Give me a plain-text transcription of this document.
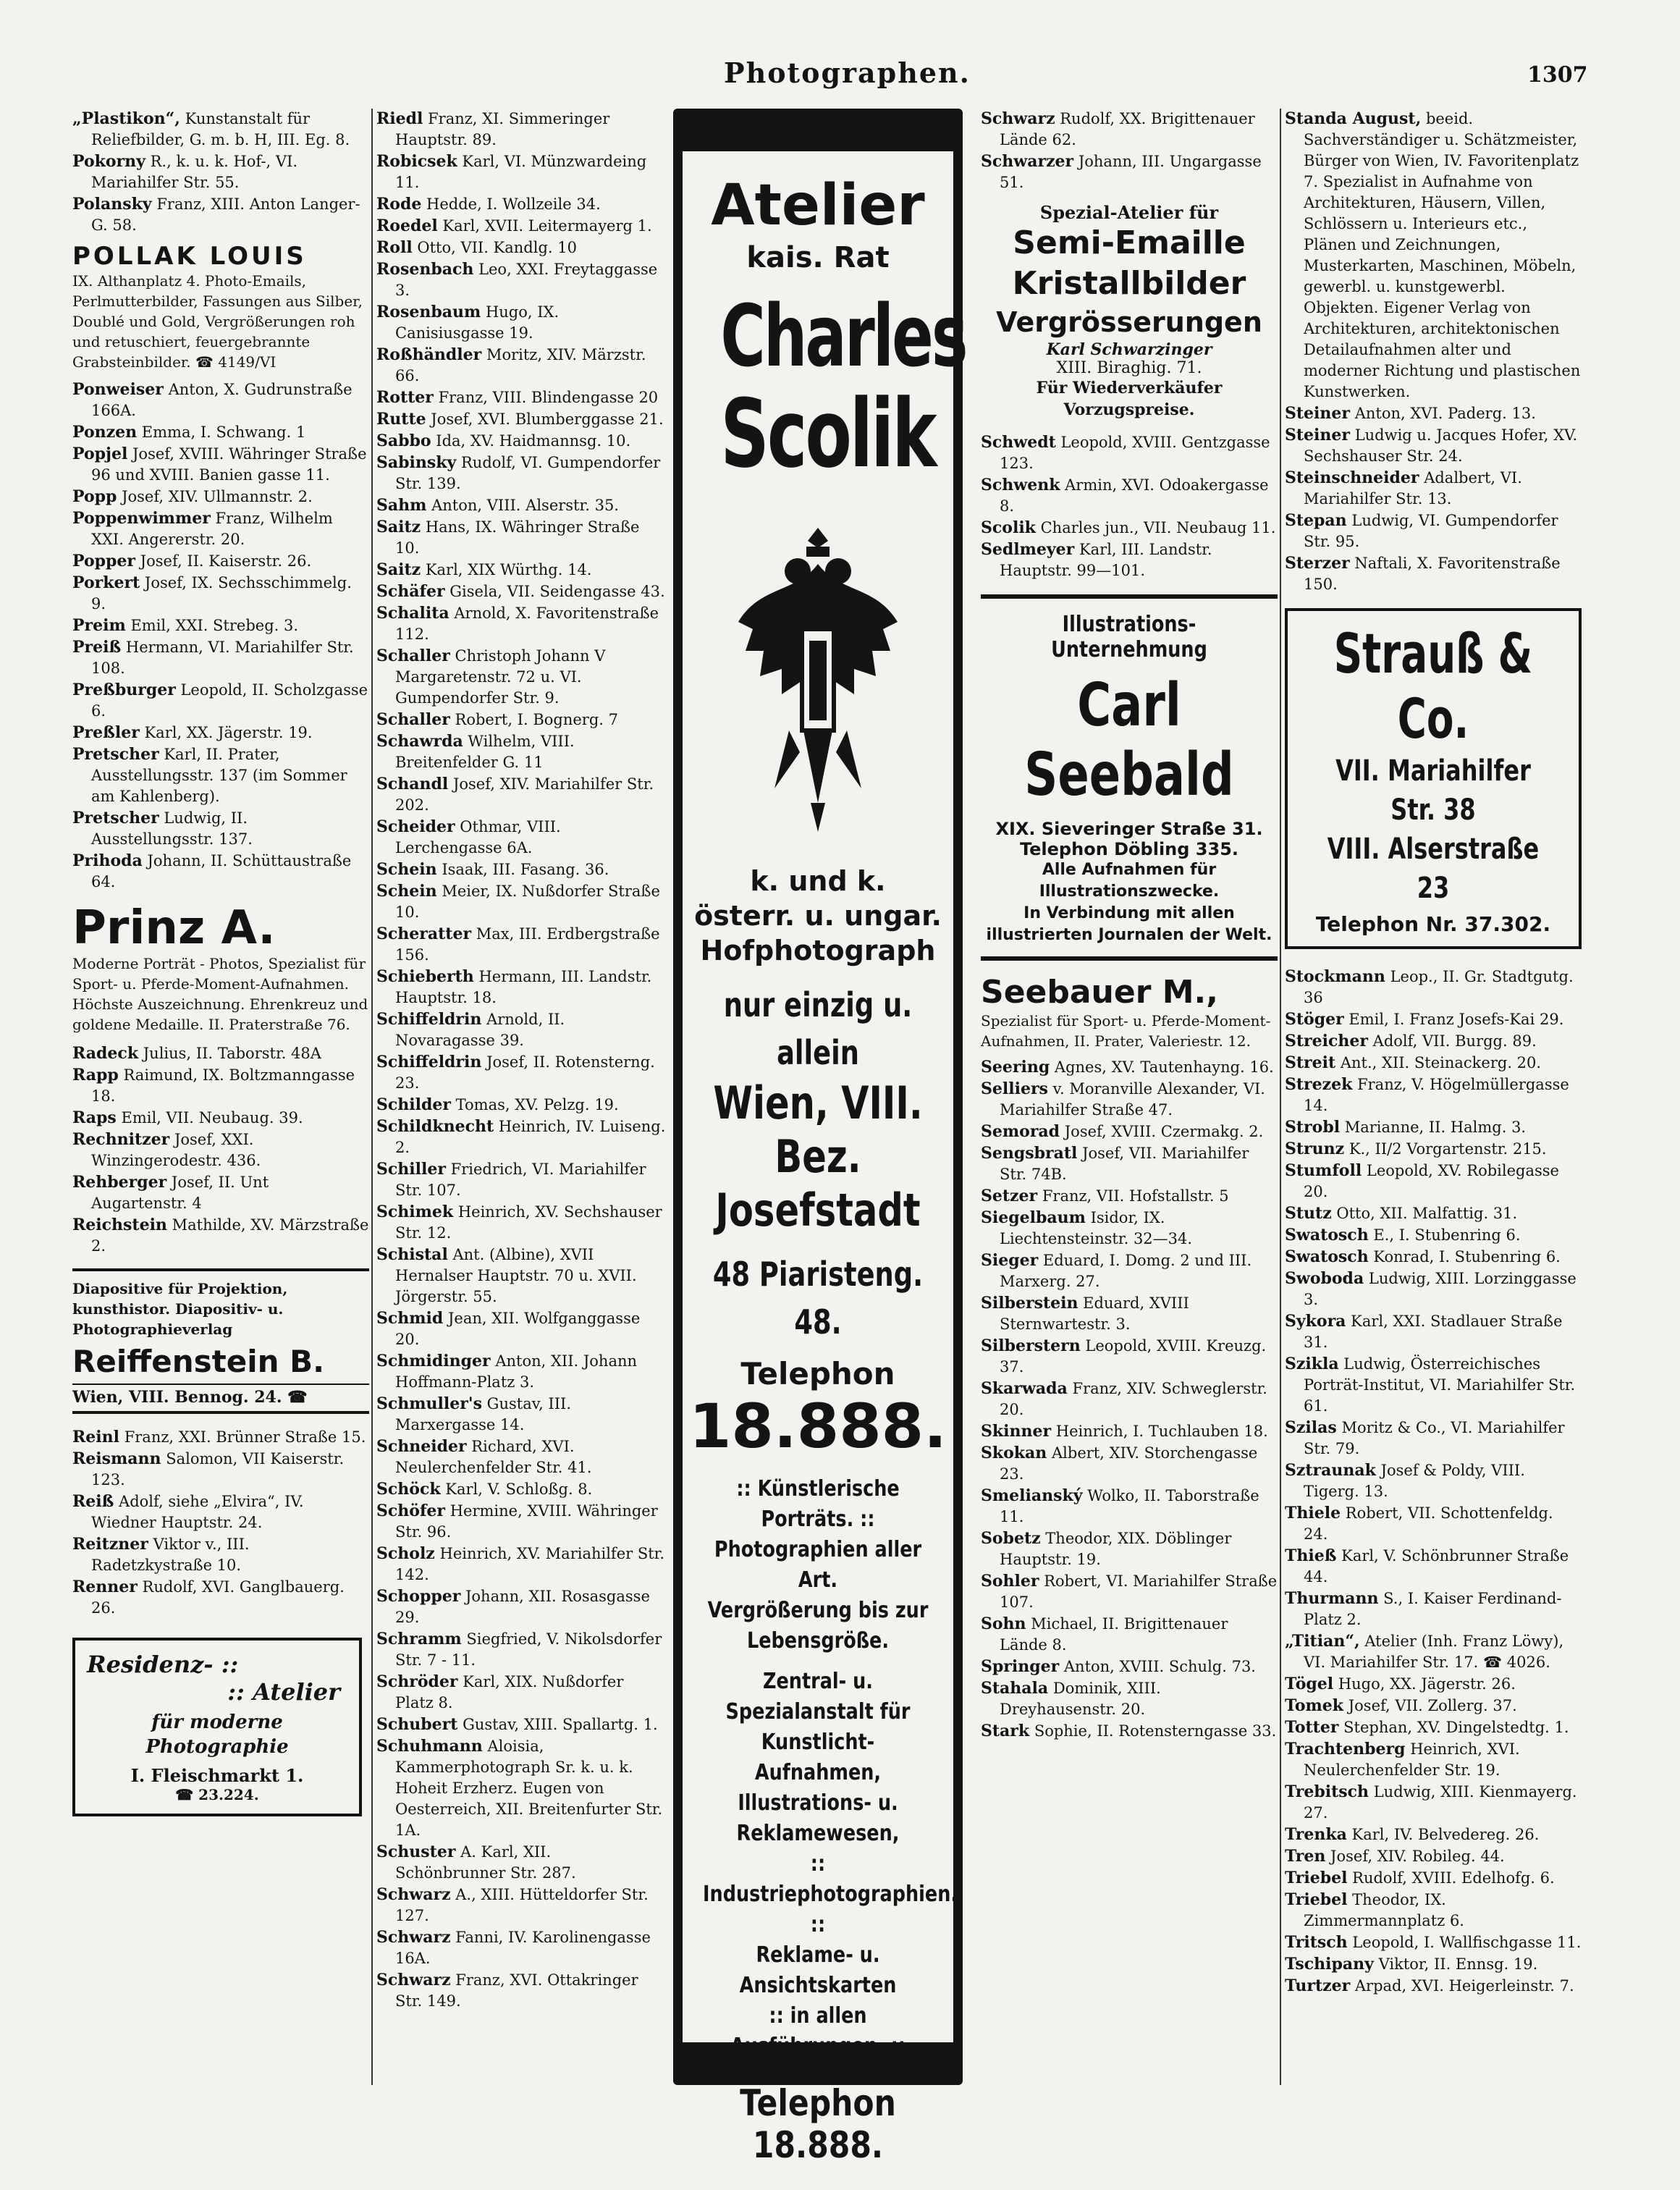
Photographen.	1307
„Plastikon“, Kunstanstalt für Reliefbilder, G. m. b. H, III. Eg. 8.
Pokorny R., k. u. k. Hof-, VI. Mariahilfer Str. 55.
Polansky Franz, XIII. Anton Langer-G. 58.
POLLAK LOUIS
IX. Althanplatz 4. Photo-Emails, Perlmutterbilder, Fassungen aus Silber, Doublé und Gold, Vergrößerungen roh und retuschiert, feuergebrannte Grabsteinbilder. ☎ 4149/VI
Ponweiser Anton, X. Gudrunstraße 166A.
Ponzen Emma, I. Schwang. 1
Popjel Josef, XVIII. Währinger Straße 96 und XVIII. Banien gasse 11.
Popp Josef, XIV. Ullmannstr. 2.
Poppenwimmer Franz, Wilhelm XXI. Angererstr. 20.
Popper Josef, II. Kaiserstr. 26.
Porkert Josef, IX. Sechsschimmelg. 9.
Preim Emil, XXI. Strebeg. 3.
Preiß Hermann, VI. Mariahilfer Str. 108.
Preßburger Leopold, II. Scholzgasse 6.
Preßler Karl, XX. Jägerstr. 19.
Pretscher Karl, II. Prater, Ausstellungsstr. 137 (im Sommer am Kahlenberg).
Pretscher Ludwig, II. Ausstellungsstr. 137.
Prihoda Johann, II. Schüttaustraße 64.
Prinz A.
Moderne Porträt - Photos, Spezialist für Sport- u. Pferde-Moment-Aufnahmen. Höchste Auszeichnung. Ehrenkreuz und goldene Medaille. II. Praterstraße 76.
Radeck Julius, II. Taborstr. 48A
Rapp Raimund, IX. Boltzmanngasse 18.
Raps Emil, VII. Neubaug. 39.
Rechnitzer Josef, XXI. Winzingerodestr. 436.
Rehberger Josef, II. Unt Augartenstr. 4
Reichstein Mathilde, XV. Märzstraße 2.
Diapositive für Projektion, kunsthistor. Diapositiv- u. Photographieverlag
Reiffenstein B.
Wien, VIII. Bennog. 24. ☎
Reinl Franz, XXI. Brünner Straße 15.
Reismann Salomon, VII Kaiserstr. 123.
Reiß Adolf, siehe „Elvira“, IV. Wiedner Hauptstr. 24.
Reitzner Viktor v., III. Radetzkystraße 10.
Renner Rudolf, XVI. Ganglbauerg. 26.
Residenz- ::
:: Atelier
für moderne Photographie
I. Fleischmarkt 1.
☎ 23.224.
Riedl Franz, XI. Simmeringer Hauptstr. 89.
Robicsek Karl, VI. Münzwardeing 11.
Rode Hedde, I. Wollzeile 34.
Roedel Karl, XVII. Leitermayerg 1.
Roll Otto, VII. Kandlg. 10
Rosenbach Leo, XXI. Freytaggasse 3.
Rosenbaum Hugo, IX. Canisiusgasse 19.
Roßhändler Moritz, XIV. Märzstr. 66.
Rotter Franz, VIII. Blindengasse 20
Rutte Josef, XVI. Blumberggasse 21.
Sabbo Ida, XV. Haidmannsg. 10.
Sabinsky Rudolf, VI. Gumpendorfer Str. 139.
Sahm Anton, VIII. Alserstr. 35.
Saitz Hans, IX. Währinger Straße 10.
Saitz Karl, XIX Würthg. 14.
Schäfer Gisela, VII. Seidengasse 43.
Schalita Arnold, X. Favoritenstraße 112.
Schaller Christoph Johann V Margaretenstr. 72 u. VI. Gumpendorfer Str. 9.
Schaller Robert, I. Bognerg. 7
Schawrda Wilhelm, VIII. Breitenfelder G. 11
Schandl Josef, XIV. Mariahilfer Str. 202.
Scheider Othmar, VIII. Lerchengasse 6A.
Schein Isaak, III. Fasang. 36.
Schein Meier, IX. Nußdorfer Straße 10.
Scheratter Max, III. Erdbergstraße 156.
Schieberth Hermann, III. Landstr. Hauptstr. 18.
Schiffeldrin Arnold, II. Novaragasse 39.
Schiffeldrin Josef, II. Rotensterng. 23.
Schilder Tomas, XV. Pelzg. 19.
Schildknecht Heinrich, IV. Luiseng. 2.
Schiller Friedrich, VI. Mariahilfer Str. 107.
Schimek Heinrich, XV. Sechshauser Str. 12.
Schistal Ant. (Albine), XVII Hernalser Hauptstr. 70 u. XVII. Jörgerstr. 55.
Schmid Jean, XII. Wolfganggasse 20.
Schmidinger Anton, XII. Johann Hoffmann-Platz 3.
Schmuller's Gustav, III. Marxergasse 14.
Schneider Richard, XVI. Neulerchenfelder Str. 41.
Schöck Karl, V. Schloßg. 8.
Schöfer Hermine, XVIII. Währinger Str. 96.
Scholz Heinrich, XV. Mariahilfer Str. 142.
Schopper Johann, XII. Rosasgasse 29.
Schramm Siegfried, V. Nikolsdorfer Str. 7 - 11.
Schröder Karl, XIX. Nußdorfer Platz 8.
Schubert Gustav, XIII. Spallartg. 1.
Schuhmann Aloisia, Kammerphotograph Sr. k. u. k. Hoheit Erzherz. Eugen von Oesterreich, XII. Breitenfurter Str. 1A.
Schuster A. Karl, XII. Schönbrunner Str. 287.
Schwarz A., XIII. Hütteldorfer Str. 127.
Schwarz Fanni, IV. Karolinengasse 16A.
Schwarz Franz, XVI. Ottakringer Str. 149.
Atelier
kais. Rat
Charles
Scolik
k. und k.
österr. u. ungar.
Hofphotograph
nur einzig u. allein
Wien, VIII. Bez.
Josefstadt
48 Piaristeng. 48.
Telephon
18.888.
:: Künstlerische Porträts. ::
Photographien aller Art.
Vergrößerung bis zur Lebensgröße.
Zentral- u. Spezialanstalt für Kunstlicht-Aufnahmen, Illustrations- u. Reklamewesen,
:: Industriephotographien. ::
Reklame- u. Ansichtskarten
:: in allen Ausführungen. ::
Telephon 18.888.
Schwarz Rudolf, XX. Brigittenauer Lände 62.
Schwarzer Johann, III. Ungargasse 51.
Spezial-Atelier für
Semi-Emaille
Kristallbilder
Vergrösserungen
Karl Schwarzinger
XIII. Biraghig. 71.
Für Wiederverkäufer Vorzugspreise.
Schwedt Leopold, XVIII. Gentzgasse 123.
Schwenk Armin, XVI. Odoakergasse 8.
Scolik Charles jun., VII. Neubaug 11.
Sedlmeyer Karl, III. Landstr. Hauptstr. 99—101.
Illustrations-Unternehmung
Carl Seebald
XIX. Sieveringer Straße 31.
Telephon Döbling 335.
Alle Aufnahmen für Illustrationszwecke.
In Verbindung mit allen illustrierten Journalen der Welt.
Seebauer M.,
Spezialist für Sport- u. Pferde-Moment-Aufnahmen, II. Prater, Valeriestr. 12.
Seering Agnes, XV. Tautenhayng. 16.
Selliers v. Moranville Alexander, VI. Mariahilfer Straße 47.
Semorad Josef, XVIII. Czermakg. 2.
Sengsbratl Josef, VII. Mariahilfer Str. 74B.
Setzer Franz, VII. Hofstallstr. 5
Siegelbaum Isidor, IX. Liechtensteinstr. 32—34.
Sieger Eduard, I. Domg. 2 und III. Marxerg. 27.
Silberstein Eduard, XVIII Sternwartestr. 3.
Silberstern Leopold, XVIII. Kreuzg. 37.
Skarwada Franz, XIV. Schweglerstr. 20.
Skinner Heinrich, I. Tuchlauben 18.
Skokan Albert, XIV. Storchengasse 23.
Smelianský Wolko, II. Taborstraße 11.
Sobetz Theodor, XIX. Döblinger Hauptstr. 19.
Sohler Robert, VI. Mariahilfer Straße 107.
Sohn Michael, II. Brigittenauer Lände 8.
Springer Anton, XVIII. Schulg. 73.
Stahala Dominik, XIII. Dreyhausenstr. 20.
Stark Sophie, II. Rotensterngasse 33.
Standa August, beeid. Sachverständiger u. Schätzmeister, Bürger von Wien, IV. Favoritenplatz 7. Spezialist in Aufnahme von Architekturen, Häusern, Villen, Schlössern u. Interieurs etc., Plänen und Zeichnungen, Musterkarten, Maschinen, Möbeln, gewerbl. u. kunstgewerbl. Objekten. Eigener Verlag von Architekturen, architektonischen Detailaufnahmen alter und moderner Richtung und plastischen Kunstwerken.
Steiner Anton, XVI. Paderg. 13.
Steiner Ludwig u. Jacques Hofer, XV. Sechshauser Str. 24.
Steinschneider Adalbert, VI. Mariahilfer Str. 13.
Stepan Ludwig, VI. Gumpendorfer Str. 95.
Sterzer Naftali, X. Favoritenstraße 150.
Strauß & Co.
VII. Mariahilfer Str. 38
VIII. Alserstraße 23
Telephon Nr. 37.302.
Stockmann Leop., II. Gr. Stadtgutg. 36
Stöger Emil, I. Franz Josefs-Kai 29.
Streicher Adolf, VII. Burgg. 89.
Streit Ant., XII. Steinackerg. 20.
Strezek Franz, V. Högelmüllergasse 14.
Strobl Marianne, II. Halmg. 3.
Strunz K., II/2 Vorgartenstr. 215.
Stumfoll Leopold, XV. Robilegasse 20.
Stutz Otto, XII. Malfattig. 31.
Swatosch E., I. Stubenring 6.
Swatosch Konrad, I. Stubenring 6.
Swoboda Ludwig, XIII. Lorzinggasse 3.
Sykora Karl, XXI. Stadlauer Straße 31.
Szikla Ludwig, Österreichisches Porträt-Institut, VI. Mariahilfer Str. 61.
Szilas Moritz & Co., VI. Mariahilfer Str. 79.
Sztraunak Josef & Poldy, VIII. Tigerg. 13.
Thiele Robert, VII. Schottenfeldg. 24.
Thieß Karl, V. Schönbrunner Straße 44.
Thurmann S., I. Kaiser Ferdinand-Platz 2.
„Titian“, Atelier (Inh. Franz Löwy), VI. Mariahilfer Str. 17. ☎ 4026.
Tögel Hugo, XX. Jägerstr. 26.
Tomek Josef, VII. Zollerg. 37.
Totter Stephan, XV. Dingelstedtg. 1.
Trachtenberg Heinrich, XVI. Neulerchenfelder Str. 19.
Trebitsch Ludwig, XIII. Kienmayerg. 27.
Trenka Karl, IV. Belvedereg. 26.
Tren Josef, XIV. Robileg. 44.
Triebel Rudolf, XVIII. Edelhofg. 6.
Triebel Theodor, IX. Zimmermannplatz 6.
Tritsch Leopold, I. Wallfischgasse 11.
Tschipany Viktor, II. Ennsg. 19.
Turtzer Arpad, XVI. Heigerleinstr. 7.
